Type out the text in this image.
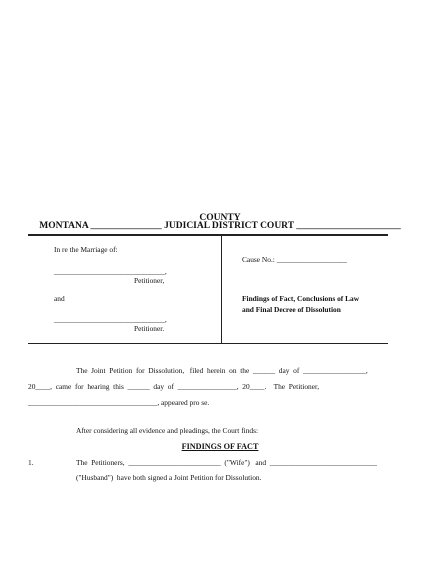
MONTANA _______________ JUDICIAL DISTRICT COURT ______________________

COUNTY
In re the Marriage of:
______________________________,
Petitioner,
and
______________________________,
Petitioner.
Cause No.: ___________________
Findings of Fact, Conclusions of Law
and Final Decree of Dissolution
The  Joint  Petition  for  Dissolution,   filed  herein  on  the  ______  day  of  _________________,
20____,  came  for  hearing  this  ______  day  of  ________________,  20____.    The  Petitioner,
___________________________________, appeared pro se.
After considering all evidence and pleadings, the Court finds:
FINDINGS OF FACT
1.	The  Petitioners,  _________________________  ("Wife")   and  _____________________________
("Husband")  have both signed a Joint Petition for Dissolution.
